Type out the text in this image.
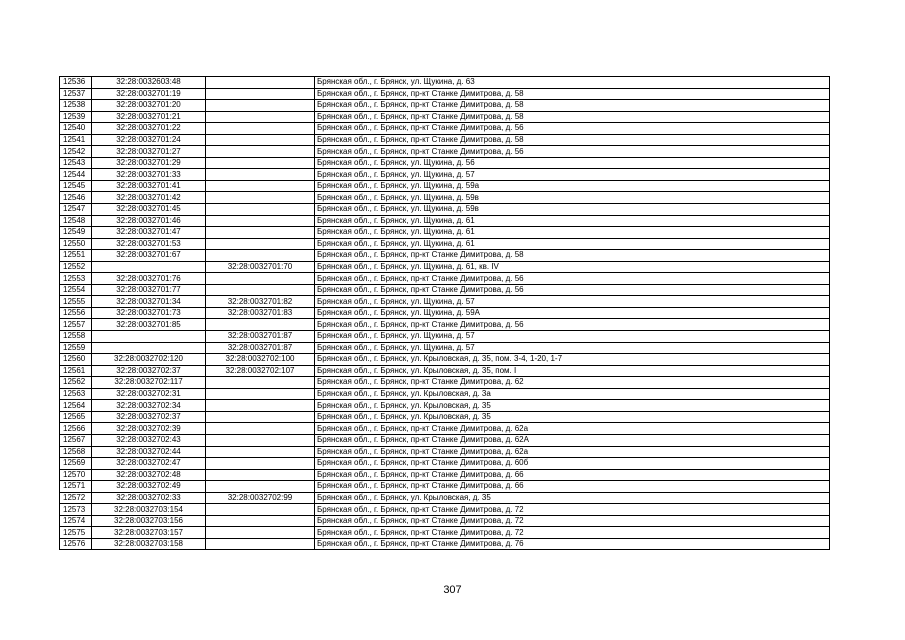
12536	32:28:0032603:48		Брянская обл., г. Брянск, ул. Щукина, д. 63
12537	32:28:0032701:19		Брянская обл., г. Брянск, пр-кт Станке Димитрова, д. 58
12538	32:28:0032701:20		Брянская обл., г. Брянск, пр-кт Станке Димитрова, д. 58
12539	32:28:0032701:21		Брянская обл., г. Брянск, пр-кт Станке Димитрова, д. 58
12540	32:28:0032701:22		Брянская обл., г. Брянск, пр-кт Станке Димитрова, д. 56
12541	32:28:0032701:24		Брянская обл., г. Брянск, пр-кт Станке Димитрова, д. 58
12542	32:28:0032701:27		Брянская обл., г. Брянск, пр-кт Станке Димитрова, д. 56
12543	32:28:0032701:29		Брянская обл., г. Брянск, ул. Щукина, д. 56
12544	32:28:0032701:33		Брянская обл., г. Брянск, ул. Щукина, д. 57
12545	32:28:0032701:41		Брянская обл., г. Брянск, ул. Щукина, д. 59а
12546	32:28:0032701:42		Брянская обл., г. Брянск, ул. Щукина, д. 59в
12547	32:28:0032701:45		Брянская обл., г. Брянск, ул. Щукина, д. 59в
12548	32:28:0032701:46		Брянская обл., г. Брянск, ул. Щукина, д. 61
12549	32:28:0032701:47		Брянская обл., г. Брянск, ул. Щукина, д. 61
12550	32:28:0032701:53		Брянская обл., г. Брянск, ул. Щукина, д. 61
12551	32:28:0032701:67		Брянская обл., г. Брянск, пр-кт Станке Димитрова, д. 58
12552		32:28:0032701:70	Брянская обл., г. Брянск, ул. Щукина, д. 61, кв. IV
12553	32:28:0032701:76		Брянская обл., г. Брянск, пр-кт Станке Димитрова, д. 56
12554	32:28:0032701:77		Брянская обл., г. Брянск, пр-кт Станке Димитрова, д. 56
12555	32:28:0032701:34	32:28:0032701:82	Брянская обл., г. Брянск, ул. Щукина, д. 57
12556	32:28:0032701:73	32:28:0032701:83	Брянская обл., г. Брянск, ул. Щукина, д. 59А
12557	32:28:0032701:85		Брянская обл., г. Брянск, пр-кт Станке Димитрова, д. 56
12558		32:28:0032701:87	Брянская обл., г. Брянск, ул. Щукина, д. 57
12559		32:28:0032701:87	Брянская обл., г. Брянск, ул. Щукина, д. 57
12560	32:28:0032702:120	32:28:0032702:100	Брянская обл., г. Брянск, ул. Крыловская, д. 35, пом. 3-4, 1-20, 1-7
12561	32:28:0032702:37	32:28:0032702:107	Брянская обл., г. Брянск, ул. Крыловская, д. 35, пом. I
12562	32:28:0032702:117		Брянская обл., г. Брянск, пр-кт Станке Димитрова, д. 62
12563	32:28:0032702:31		Брянская обл., г. Брянск, ул. Крыловская, д. 3а
12564	32:28:0032702:34		Брянская обл., г. Брянск, ул. Крыловская, д. 35
12565	32:28:0032702:37		Брянская обл., г. Брянск, ул. Крыловская, д. 35
12566	32:28:0032702:39		Брянская обл., г. Брянск, пр-кт Станке Димитрова, д. 62а
12567	32:28:0032702:43		Брянская обл., г. Брянск, пр-кт Станке Димитрова, д. 62А
12568	32:28:0032702:44		Брянская обл., г. Брянск, пр-кт Станке Димитрова, д. 62а
12569	32:28:0032702:47		Брянская обл., г. Брянск, пр-кт Станке Димитрова, д. 60б
12570	32:28:0032702:48		Брянская обл., г. Брянск, пр-кт Станке Димитрова, д. 66
12571	32:28:0032702:49		Брянская обл., г. Брянск, пр-кт Станке Димитрова, д. 66
12572	32:28:0032702:33	32:28:0032702:99	Брянская обл., г. Брянск, ул. Крыловская, д. 35
12573	32:28:0032703:154		Брянская обл., г. Брянск, пр-кт Станке Димитрова, д. 72
12574	32:28:0032703:156		Брянская обл., г. Брянск, пр-кт Станке Димитрова, д. 72
12575	32:28:0032703:157		Брянская обл., г. Брянск, пр-кт Станке Димитрова, д. 72
12576	32:28:0032703:158		Брянская обл., г. Брянск, пр-кт Станке Димитрова, д. 76
307
